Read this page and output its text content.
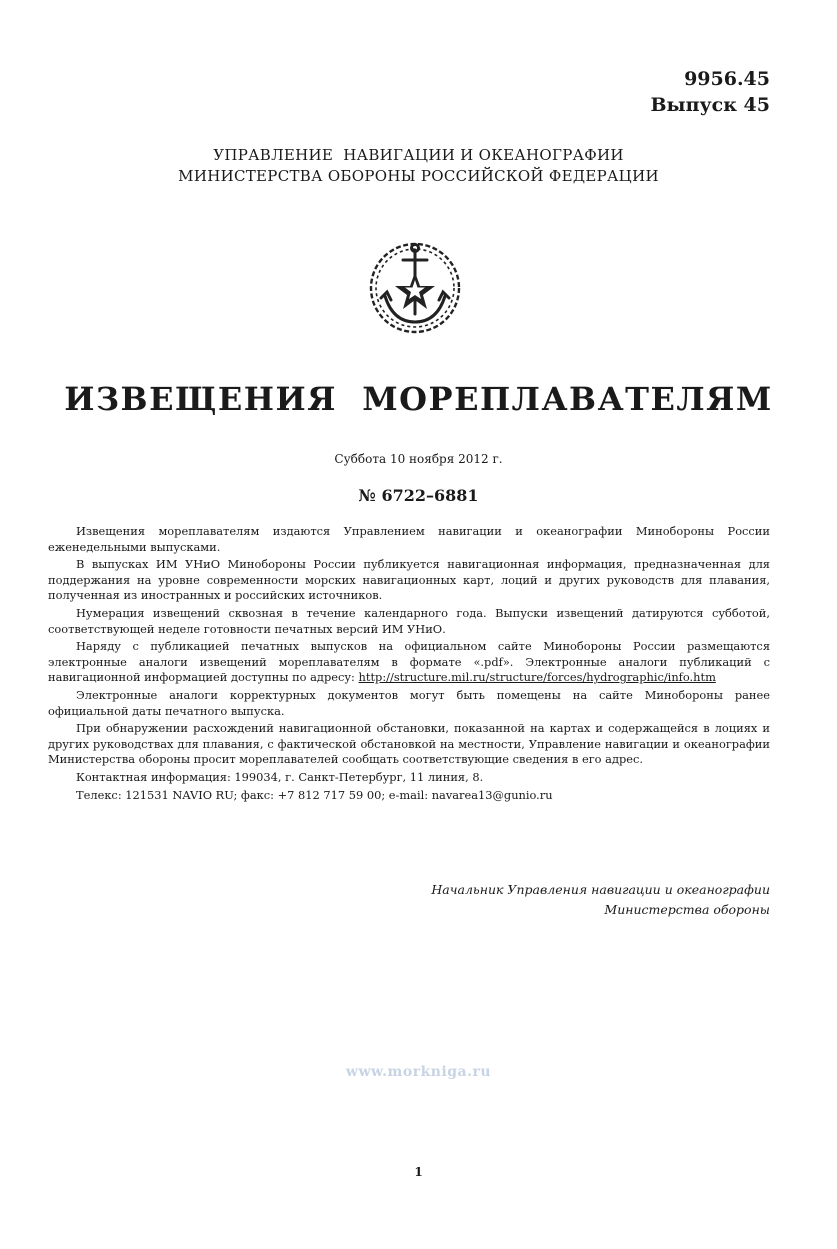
9956.45
Выпуск 45
УПРАВЛЕНИЕ  НАВИГАЦИИ И ОКЕАНОГРАФИИ
МИНИСТЕРСТВА ОБОРОНЫ РОССИЙСКОЙ ФЕДЕРАЦИИ
ИЗВЕЩЕНИЯ  МОРЕПЛАВАТЕЛЯМ
Суббота 10 ноября 2012 г.
№ 6722–6881

Извещения мореплавателям издаются Управлением навигации и океанографии Минобороны России еженедельными выпусками.

В выпусках ИМ УНиО Минобороны России публикуется навигационная информация, предназначенная для поддержания на уровне современности морских навигационных карт, лоций и других руководств для плавания, полученная из иностранных и российских источников.

Нумерация извещений сквозная в течение календарного года. Выпуски извещений датируются субботой, соответствующей неделе готовности печатных версий ИМ УНиО.

Наряду с публикацией печатных выпусков на официальном сайте Минобороны России размещаются электронные аналоги извещений мореплавателям в формате «.pdf». Электронные аналоги публикаций с навигационной информацией доступны по адресу: http://structure.mil.ru/structure/forces/hydrographic/info.htm

Электронные аналоги корректурных документов могут быть помещены на сайте Минобороны ранее официальной даты печатного выпуска.

При обнаружении расхождений навигационной обстановки, показанной на картах и содержащейся в лоциях и других руководствах для плавания, с фактической обстановкой на местности, Управление навигации и океанографии Министерства обороны просит мореплавателей сообщать соответствующие сведения в его адрес.

Контактная информация: 199034, г. Санкт-Петербург, 11 линия, 8.

Телекс: 121531 NAVIO RU; факс: +7 812 717 59 00; e-mail: navarea13@gunio.ru

Начальник Управления навигации и океанографии
Министерства обороны
www.morkniga.ru
1
